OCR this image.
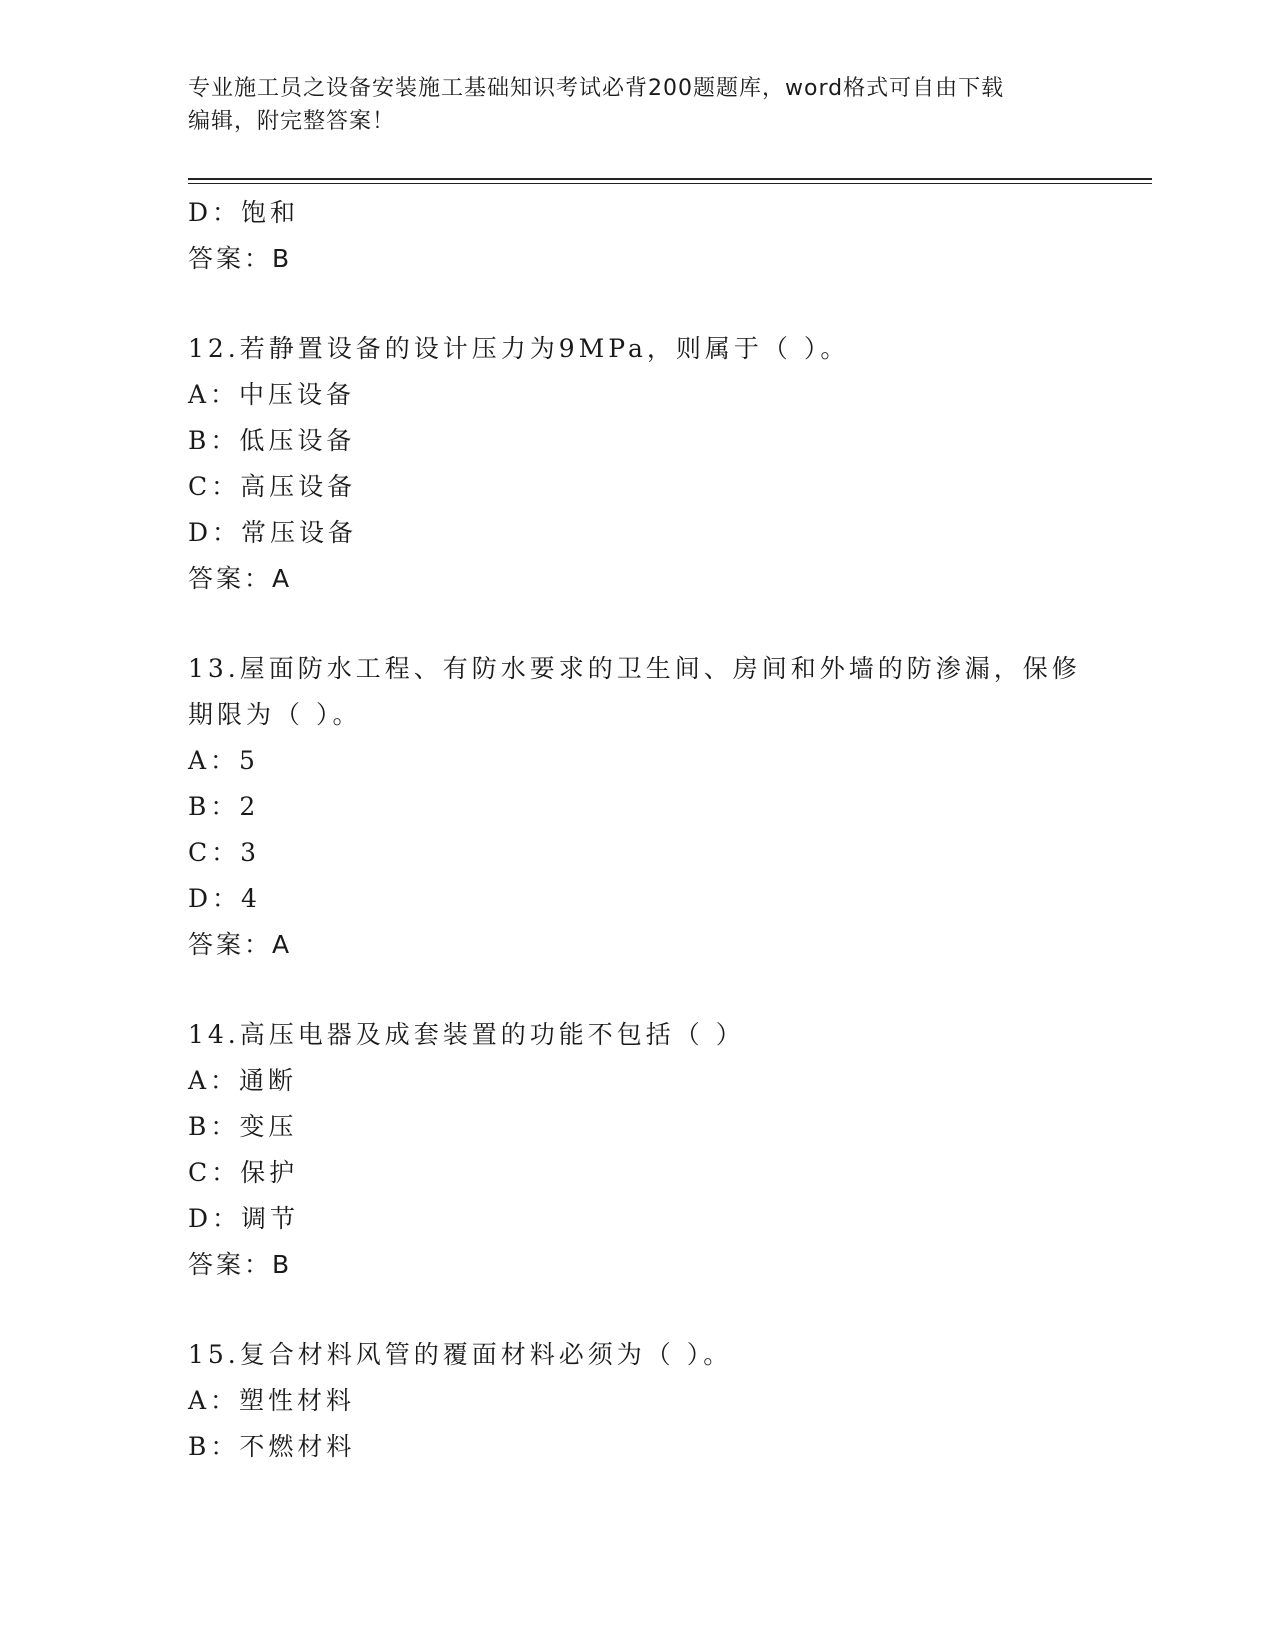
专业施工员之设备安装施工基础知识考试必背200题题库，word格式可自由下载
编辑，附完整答案！
D：饱和
答案：B
12.若静置设备的设计压力为9MPa，则属于（ ）。
A：中压设备
B：低压设备
C：高压设备
D：常压设备
答案：A
13.屋面防水工程、有防水要求的卫生间、房间和外墙的防渗漏，保修
期限为（ ）。
A：5
B：2
C：3
D：4
答案：A
14.高压电器及成套装置的功能不包括（ ）
A：通断
B：变压
C：保护
D：调节
答案：B
15.复合材料风管的覆面材料必须为（ ）。
A：塑性材料
B：不燃材料
